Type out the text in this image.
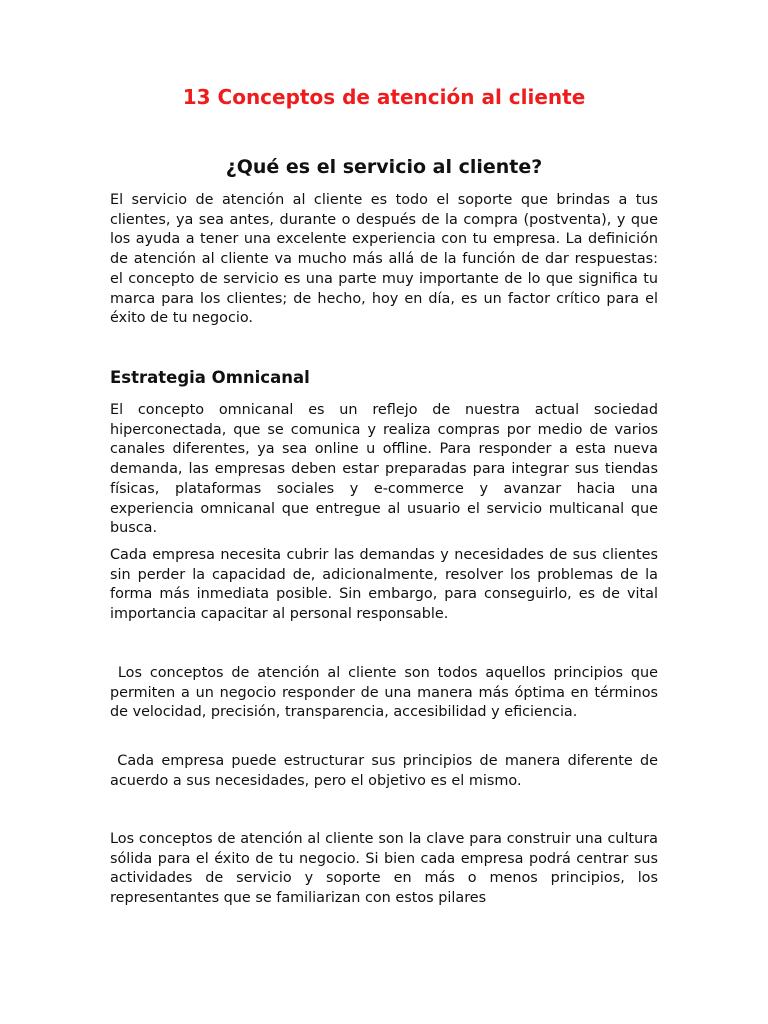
13 Conceptos de atención al cliente
¿Qué es el servicio al cliente?

El servicio de atención al cliente es todo el soporte que brindas a tus clientes, ya sea antes, durante o después de la compra (postventa), y que los ayuda a tener una excelente experiencia con tu empresa. La definición de atención al cliente va mucho más allá de la función de dar respuestas: el concepto de servicio es una parte muy importante de lo que significa tu marca para los clientes; de hecho, hoy en día, es un factor crítico para el éxito de tu negocio.

Estrategia Omnicanal

El concepto omnicanal es un reflejo de nuestra actual sociedad hiperconectada, que se comunica y realiza compras por medio de varios canales diferentes, ya sea online u offline. Para responder a esta nueva demanda, las empresas deben estar preparadas para integrar sus tiendas físicas, plataformas sociales y e-commerce y avanzar hacia una experiencia omnicanal que entregue al usuario el servicio multicanal que busca.

Cada empresa necesita cubrir las demandas y necesidades de sus clientes sin perder la capacidad de, adicionalmente, resolver los problemas de la forma más inmediata posible. Sin embargo, para conseguirlo, es de vital importancia capacitar al personal responsable.

Los conceptos de atención al cliente son todos aquellos principios que permiten a un negocio responder de una manera más óptima en términos de velocidad, precisión, transparencia, accesibilidad y eficiencia.

Cada empresa puede estructurar sus principios de manera diferente de acuerdo a sus necesidades, pero el objetivo es el mismo.

Los conceptos de atención al cliente son la clave para construir una cultura sólida para el éxito de tu negocio. Si bien cada empresa podrá centrar sus actividades de servicio y soporte en más o menos principios, los representantes que se familiarizan con estos pilares
